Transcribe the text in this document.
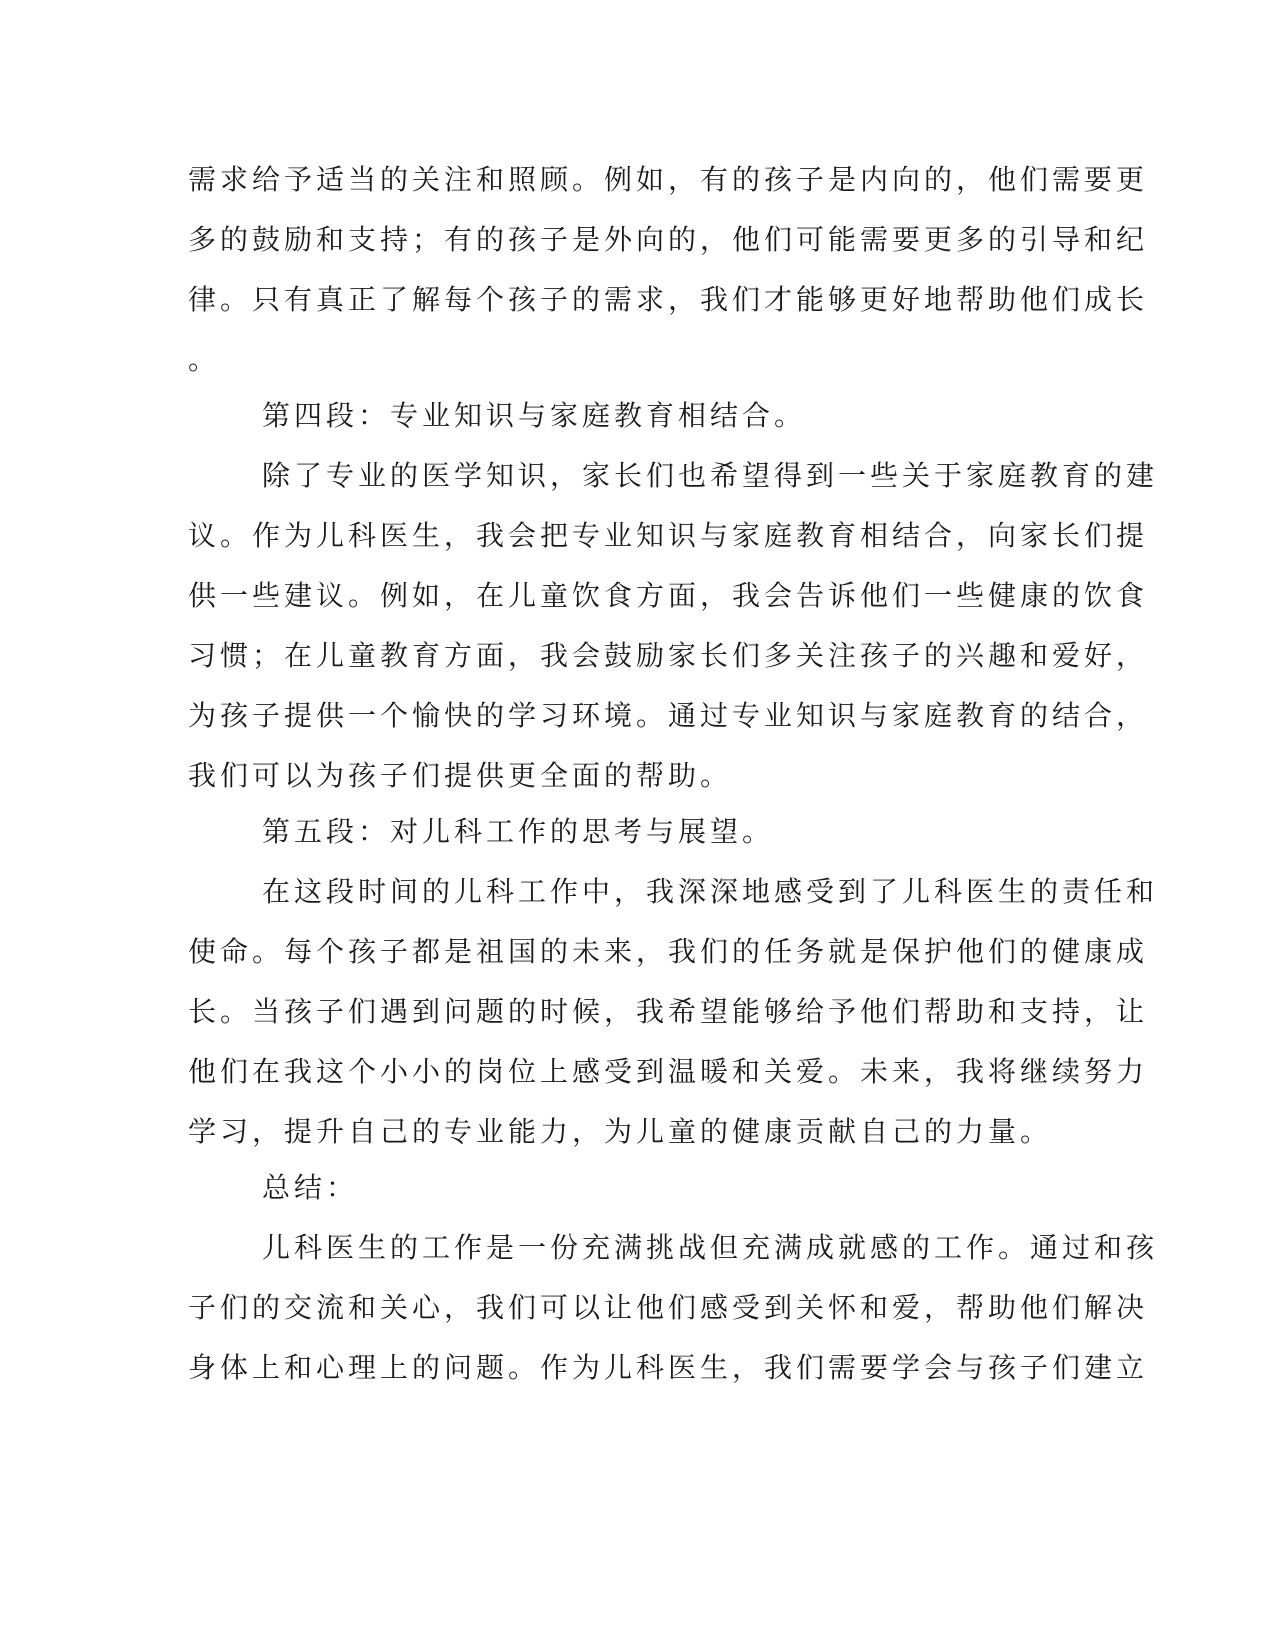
需求给予适当的关注和照顾。例如，有的孩子是内向的，他们需要更

多的鼓励和支持；有的孩子是外向的，他们可能需要更多的引导和纪

律。只有真正了解每个孩子的需求，我们才能够更好地帮助他们成长

。

第四段：专业知识与家庭教育相结合。

除了专业的医学知识，家长们也希望得到一些关于家庭教育的建

议。作为儿科医生，我会把专业知识与家庭教育相结合，向家长们提

供一些建议。例如，在儿童饮食方面，我会告诉他们一些健康的饮食

习惯；在儿童教育方面，我会鼓励家长们多关注孩子的兴趣和爱好，

为孩子提供一个愉快的学习环境。通过专业知识与家庭教育的结合，

我们可以为孩子们提供更全面的帮助。

第五段：对儿科工作的思考与展望。

在这段时间的儿科工作中，我深深地感受到了儿科医生的责任和

使命。每个孩子都是祖国的未来，我们的任务就是保护他们的健康成

长。当孩子们遇到问题的时候，我希望能够给予他们帮助和支持，让

他们在我这个小小的岗位上感受到温暖和关爱。未来，我将继续努力

学习，提升自己的专业能力，为儿童的健康贡献自己的力量。

总结：

儿科医生的工作是一份充满挑战但充满成就感的工作。通过和孩

子们的交流和关心，我们可以让他们感受到关怀和爱，帮助他们解决

身体上和心理上的问题。作为儿科医生，我们需要学会与孩子们建立
